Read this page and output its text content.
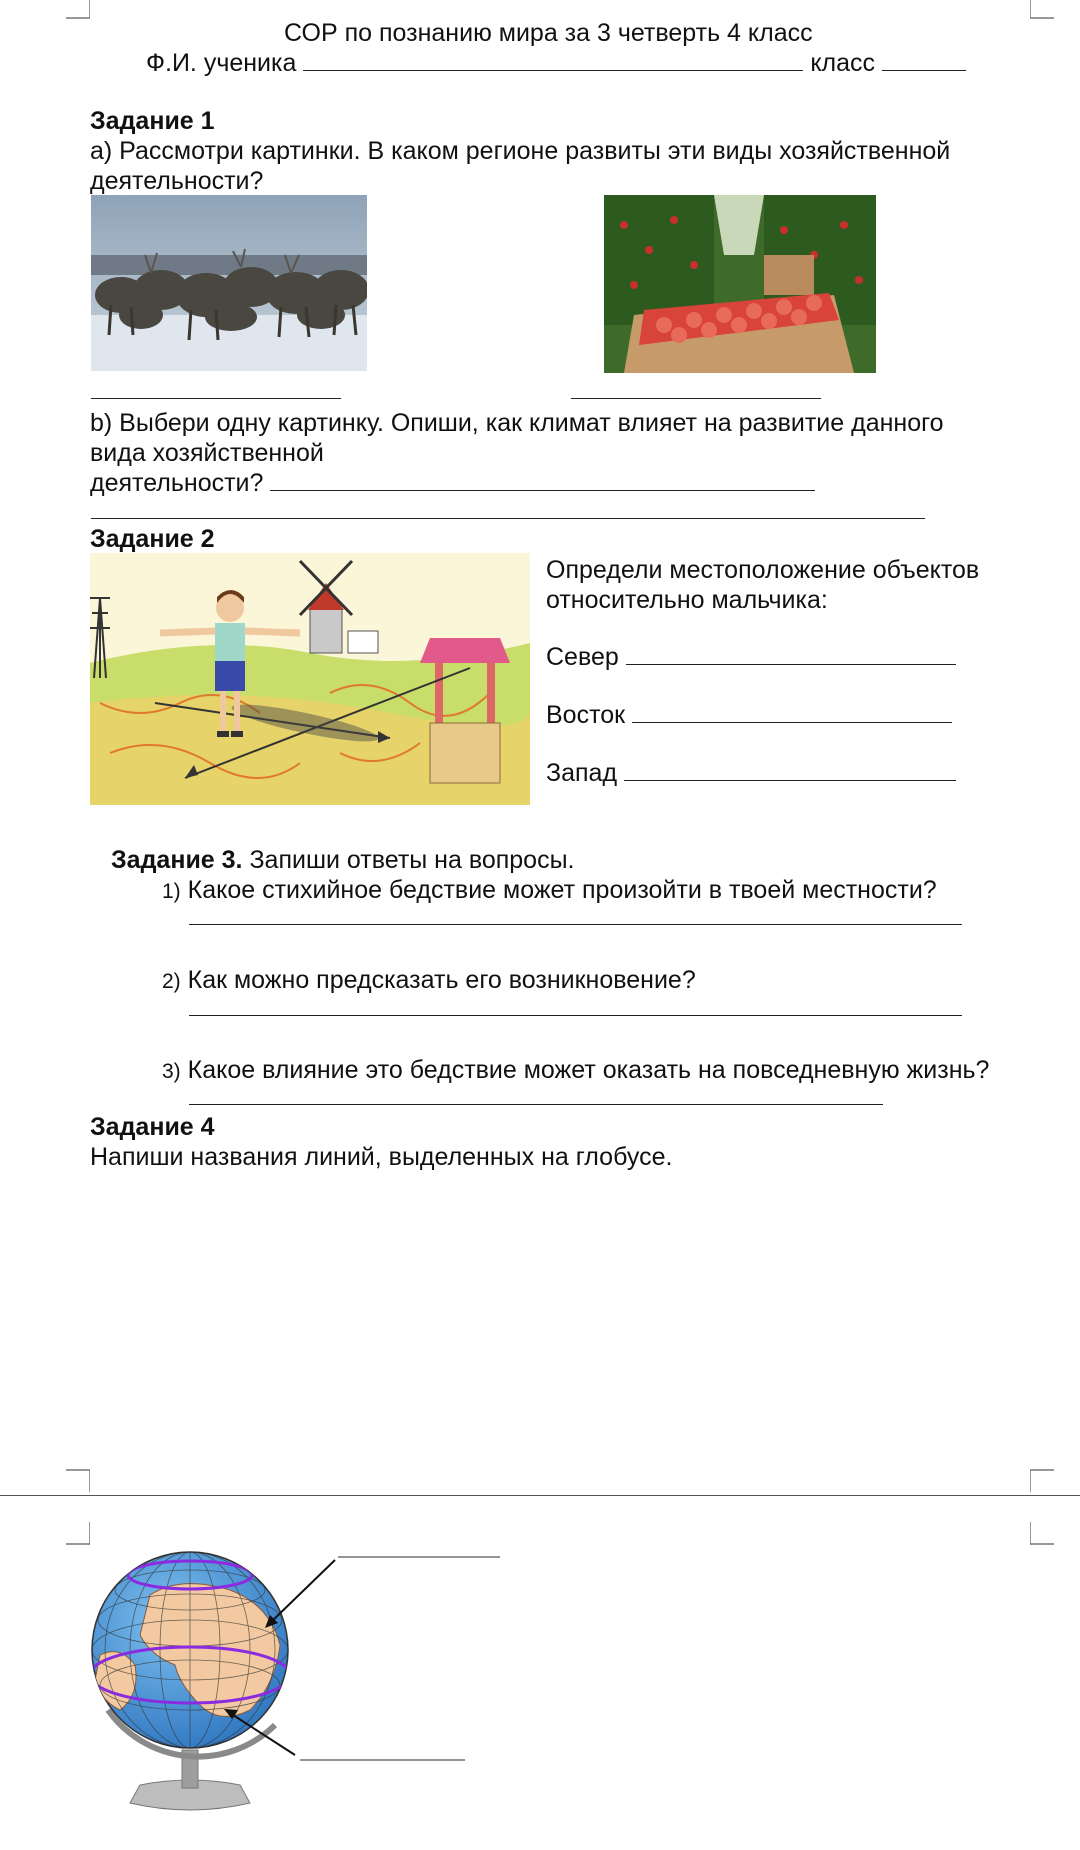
СОР по познанию мира за 3 четверть 4 класс
Ф.И. ученика	класс
Задание 1
а) Рассмотри картинки. В каком регионе развиты эти виды хозяйственной
деятельности?
b) Выбери одну картинку. Опиши, как климат влияет на развитие данного
вида хозяйственной
деятельности?
Задание 2
Определи местоположение объектов
относительно мальчика:
Север
Восток
Запад
Задание 3. Запиши ответы на вопросы.
1) Какое стихийное бедствие может произойти в твоей местности?
2) Как можно предсказать его возникновение?
3) Какое влияние это бедствие может оказать на повседневную жизнь?
Задание 4
Напиши названия линий, выделенных на глобусе.
